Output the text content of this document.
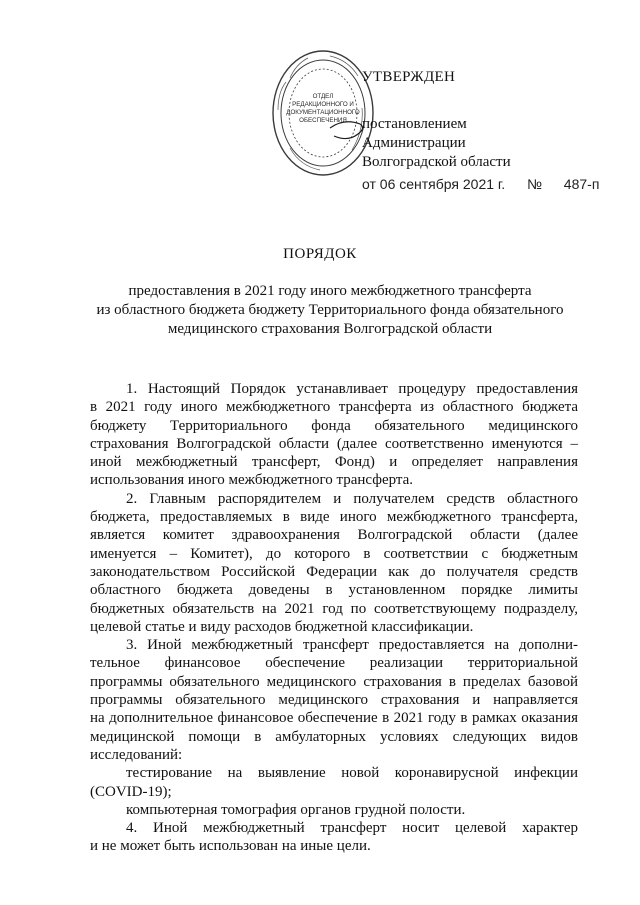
ОТДЕЛ
РЕДАКЦИОННОГО И
ДОКУМЕНТАЦИОННОГО
ОБЕСПЕЧЕНИЯ
УТВЕРЖДЕН
постановлением
Администрации
Волгоградской области
от 06 сентября 2021 г. № 487-п
ПОРЯДОК
предоставления в 2021 году иного межбюджетного трансферта
из областного бюджета бюджету Территориального фонда обязательного
медицинского страхования Волгоградской области
1. Настоящий Порядок устанавливает процедуру предоставления
в 2021 году иного межбюджетного трансферта из областного бюджета
бюджету Территориального фонда обязательного медицинского
страхования Волгоградской области (далее соответственно именуются –
иной межбюджетный трансферт, Фонд) и определяет направления
использования иного межбюджетного трансферта.
2. Главным распорядителем и получателем средств областного
бюджета, предоставляемых в виде иного межбюджетного трансферта,
является комитет здравоохранения Волгоградской области (далее
именуется – Комитет), до которого в соответствии с бюджетным
законодательством Российской Федерации как до получателя средств
областного бюджета доведены в установленном порядке лимиты
бюджетных обязательств на 2021 год по соответствующему подразделу,
целевой статье и виду расходов бюджетной классификации.
3. Иной межбюджетный трансферт предоставляется на дополни-
тельное финансовое обеспечение реализации территориальной
программы обязательного медицинского страхования в пределах базовой
программы обязательного медицинского страхования и направляется
на дополнительное финансовое обеспечение в 2021 году в рамках оказания
медицинской помощи в амбулаторных условиях следующих видов
исследований:
тестирование на выявление новой коронавирусной инфекции
(COVID-19);
компьютерная томография органов грудной полости.
4. Иной межбюджетный трансферт носит целевой характер
и не может быть использован на иные цели.
